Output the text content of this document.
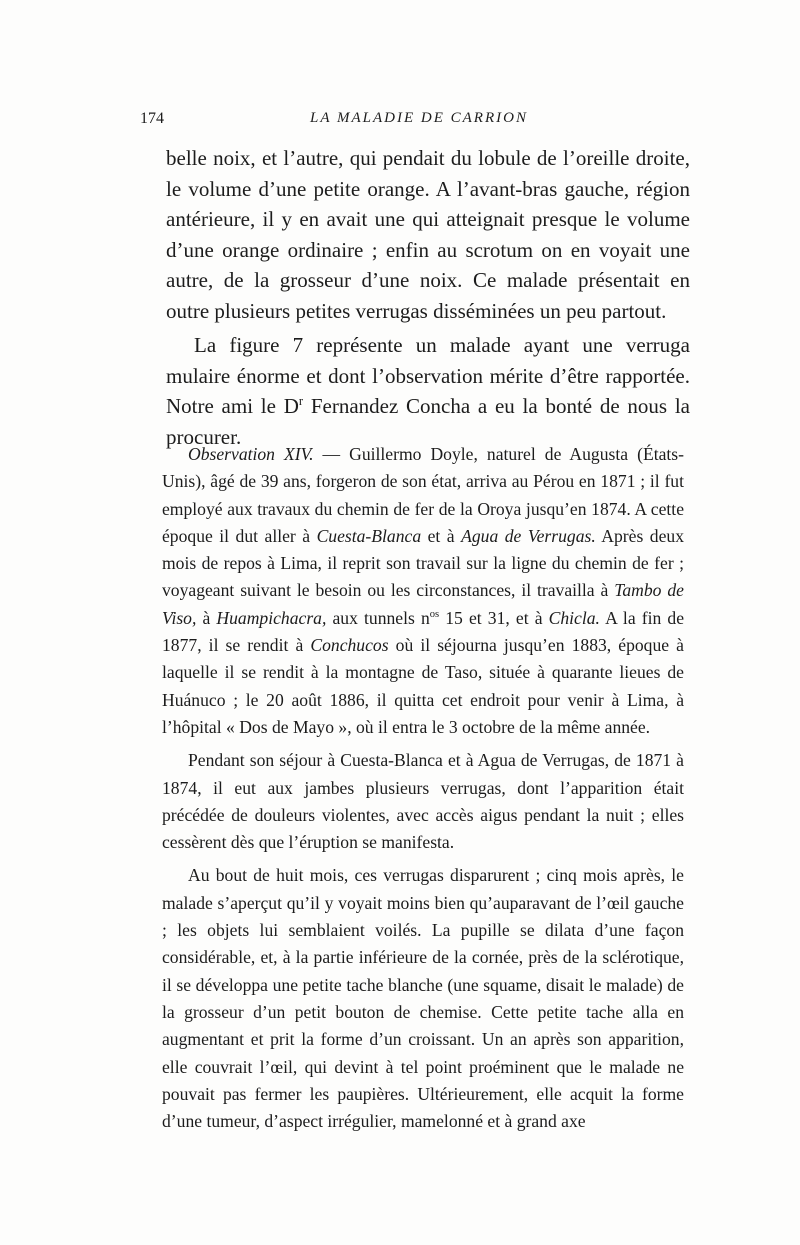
174	LA MALADIE DE CARRION

belle noix, et l’autre, qui pendait du lobule de l’oreille droite, le volume d’une petite orange. A l’avant-bras gauche, région antérieure, il y en avait une qui atteignait presque le volume d’une orange ordinaire ; enfin au scrotum on en voyait une autre, de la grosseur d’une noix. Ce malade présentait en outre plusieurs petites verrugas disséminées un peu partout.

La figure 7 représente un malade ayant une verruga mulaire énorme et dont l’observation mérite d’être rapportée. Notre ami le $D^r$ Fernandez Concha a eu la bonté de nous la procurer.

Observation XIV. — Guillermo Doyle, naturel de Augusta (États-Unis), âgé de 39 ans, forgeron de son état, arriva au Pérou en 1871 ; il fut employé aux travaux du chemin de fer de la Oroya jusqu’en 1874. A cette époque il dut aller à Cuesta-Blanca et à Agua de Verrugas. Après deux mois de repos à Lima, il reprit son travail sur la ligne du chemin de fer ; voyageant suivant le besoin ou les circonstances, il travailla à Tambo de Viso, à Huampichacra, aux tunnels $n^{os}$ 15 et 31, et à Chicla. A la fin de 1877, il se rendit à Conchucos où il séjourna jusqu’en 1883, époque à laquelle il se rendit à la montagne de Taso, située à quarante lieues de Huánuco ; le 20 août 1886, il quitta cet endroit pour venir à Lima, à l’hôpital « Dos de Mayo », où il entra le 3 octobre de la même année.

Pendant son séjour à Cuesta-Blanca et à Agua de Verrugas, de 1871 à 1874, il eut aux jambes plusieurs verrugas, dont l’apparition était précédée de douleurs violentes, avec accès aigus pendant la nuit ; elles cessèrent dès que l’éruption se manifesta.

Au bout de huit mois, ces verrugas disparurent ; cinq mois après, le malade s’aperçut qu’il y voyait moins bien qu’auparavant de l’œil gauche ; les objets lui semblaient voilés. La pupille se dilata d’une façon considérable, et, à la partie inférieure de la cornée, près de la sclérotique, il se développa une petite tache blanche (une squame, disait le malade) de la grosseur d’un petit bouton de chemise. Cette petite tache alla en augmentant et prit la forme d’un croissant. Un an après son apparition, elle couvrait l’œil, qui devint à tel point proéminent que le malade ne pouvait pas fermer les paupières. Ultérieurement, elle acquit la forme d’une tumeur, d’aspect irrégulier, mamelonné et à grand axe
